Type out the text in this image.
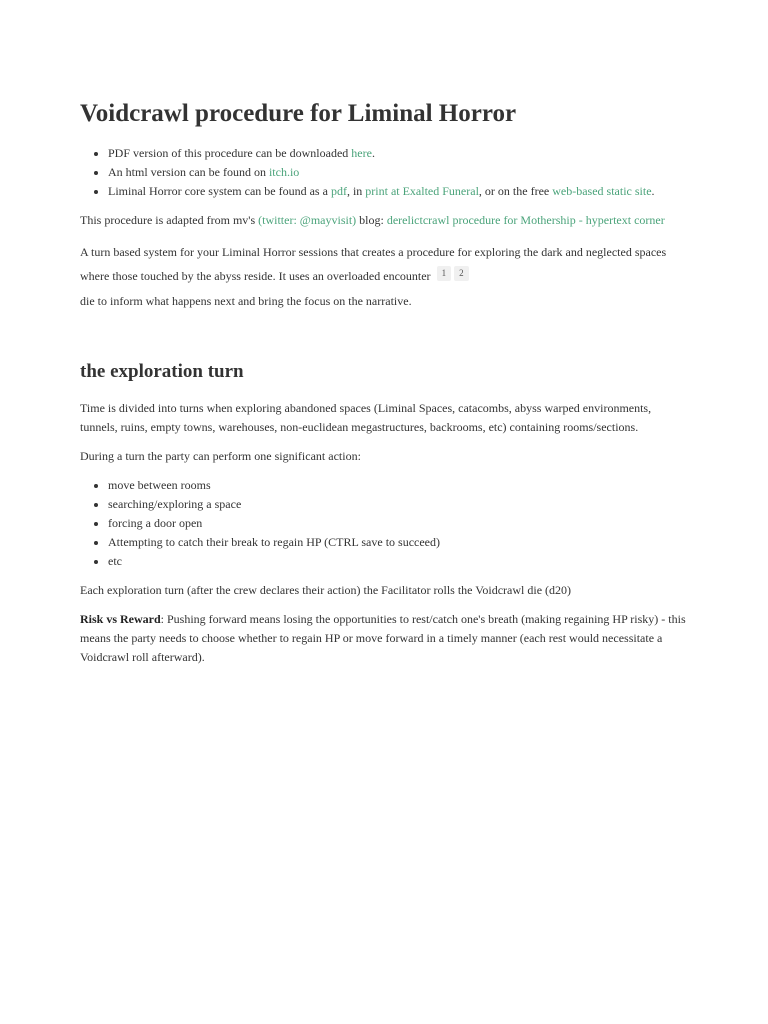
Voidcrawl procedure for Liminal Horror
• PDF version of this procedure can be downloaded here.
• An html version can be found on itch.io
• Liminal Horror core system can be found as a pdf, in print at Exalted Funeral, or on the free web-based static site.

This procedure is adapted from mv's (twitter: @mayvisit) blog: derelictcrawl procedure for Mothership - hypertext corner

A turn based system for your Liminal Horror sessions that creates a procedure for exploring the dark and neglected spaces where those touched by the abyss reside. It uses an overloaded encounter 1 2

die to inform what happens next and bring the focus on the narrative.

the exploration turn

Time is divided into turns when exploring abandoned spaces (Liminal Spaces, catacombs, abyss warped environments, tunnels, ruins, empty towns, warehouses, non-euclidean megastructures, backrooms, etc) containing rooms/sections.

During a turn the party can perform one significant action:

• move between rooms
• searching/exploring a space
• forcing a door open
• Attempting to catch their break to regain HP (CTRL save to succeed)
• etc

Each exploration turn (after the crew declares their action) the Facilitator rolls the Voidcrawl die (d20)

Risk vs Reward: Pushing forward means losing the opportunities to rest/catch one's breath (making regaining HP risky) - this means the party needs to choose whether to regain HP or move forward in a timely manner (each rest would necessitate a Voidcrawl roll afterward).
